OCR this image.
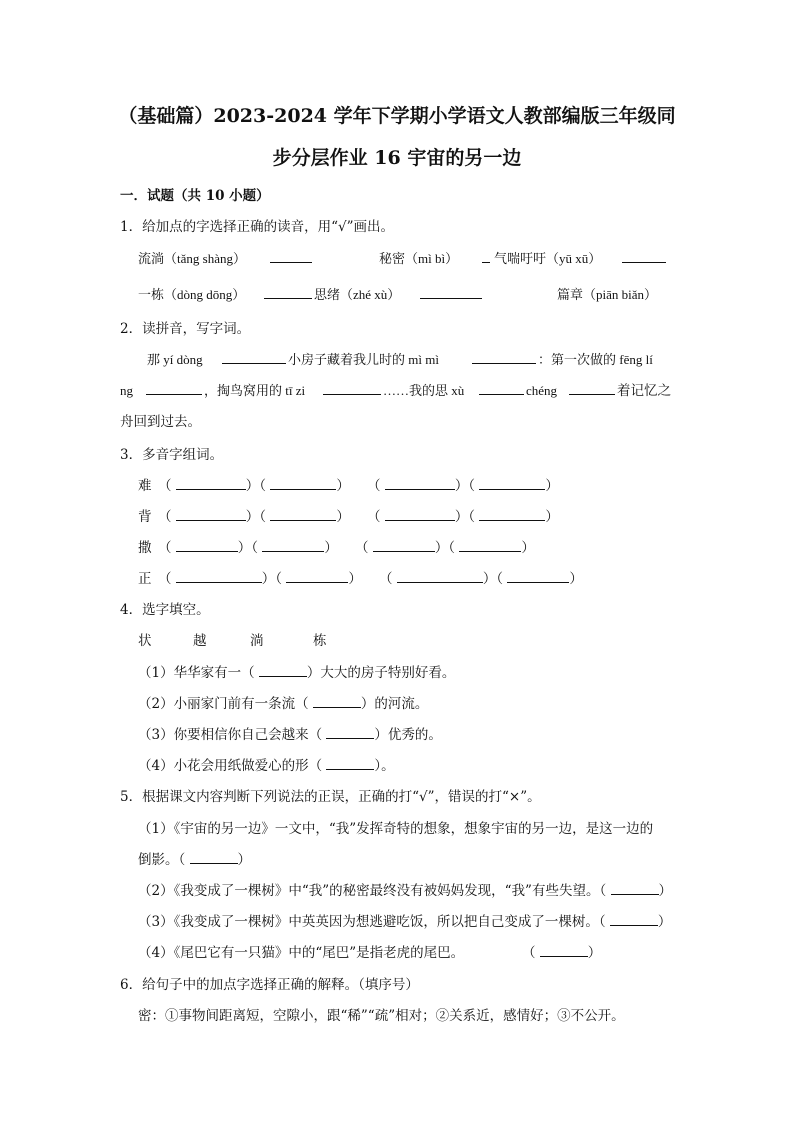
（基础篇）2023-2024 学年下学期小学语文人教部编版三年级同
步分层作业 16 宇宙的另一边
一．试题（共 10 小题）
1．给加点的字选择正确的读音，用“√”画出。
流淌（tǎng shàng）	秘密（mì bì）	气喘吁吁（yū xū）
一栋（dòng dōng）	思绪（zhé xù）	篇章（piān biǎn）
2．读拼音，写字词。
那 yí dòng	小房子藏着我儿时的 mì mì	：第一次做的 fēng lí
ng	，掏鸟窝用的 tī zi	……我的思 xù	chéng	着记忆之
舟回到过去。
3．多音字组词。
难 （	）（	）    （	）（	）
背 （	）（	）    （	）（	）
撒 （	）（	）    （	）（	）
正 （	）（	）    （	）（	）
4．选字填空。
状	越	淌	栋
（1）华华家有一（	）大大的房子特别好看。
（2）小丽家门前有一条流（	）的河流。
（3）你要相信你自己会越来（	）优秀的。
（4）小花会用纸做爱心的形（	）。
5．根据课文内容判断下列说法的正误，正确的打“√”，错误的打“×”。
（1）《宇宙的另一边》一文中，“我”发挥奇特的想象，想象宇宙的另一边，是这一边的
倒影。（	）
（2）《我变成了一棵树》中“我”的秘密最终没有被妈妈发现，“我”有些失望。（	）
（3）《我变成了一棵树》中英英因为想逃避吃饭，所以把自己变成了一棵树。（	）
（4）《尾巴它有一只猫》中的“尾巴”是指老虎的尾巴。	（	）
6．给句子中的加点字选择正确的解释。（填序号）
密：①事物间距离短，空隙小，跟“稀”“疏”相对；②关系近，感情好；③不公开。
